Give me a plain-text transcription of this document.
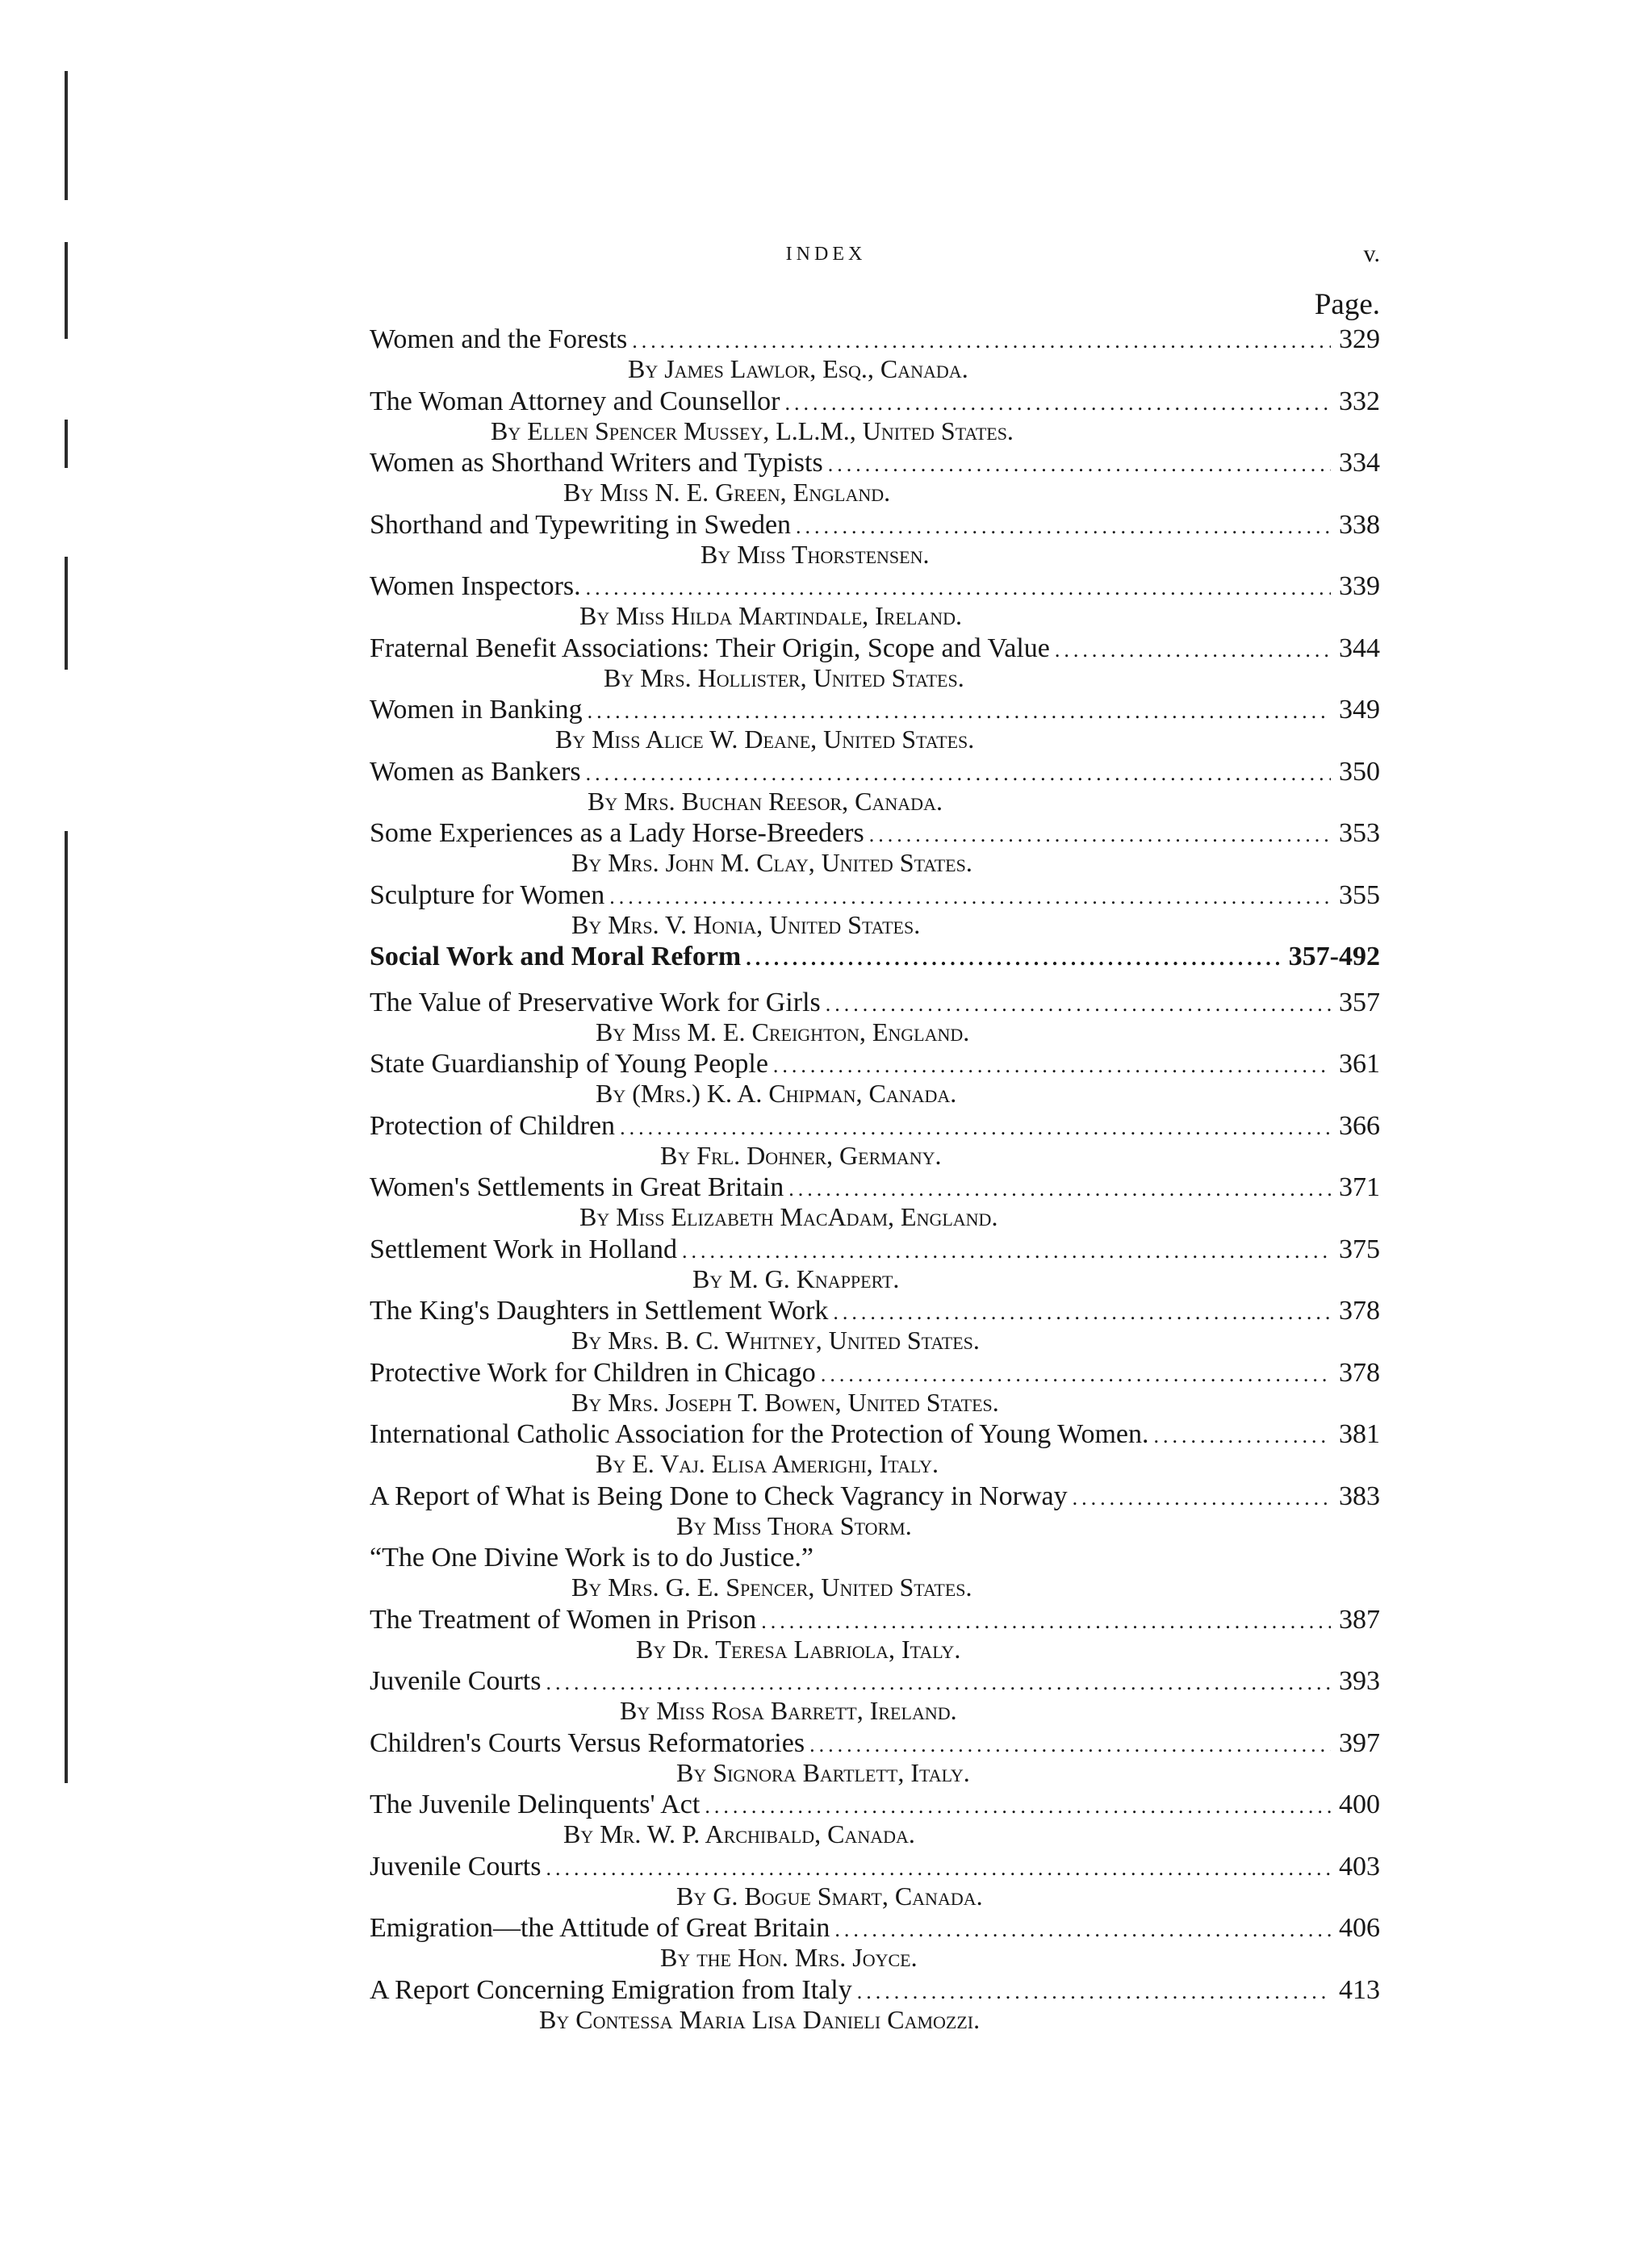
INDEX	v.
Page.
Women and the Forests .....	329
By James Lawlor, Esq., Canada.
The Woman Attorney and Counsellor .....	332
By Ellen Spencer Mussey, L.L.M., United States.
Women as Shorthand Writers and Typists .....	334
By Miss N. E. Green, England.
Shorthand and Typewriting in Sweden .....	338
By Miss Thorstensen.
Women Inspectors. .....	339
By Miss Hilda Martindale, Ireland.
Fraternal Benefit Associations: Their Origin, Scope and Value .....	344
By Mrs. Hollister, United States.
Women in Banking .....	349
By Miss Alice W. Deane, United States.
Women as Bankers .....	350
By Mrs. Buchan Reesor, Canada.
Some Experiences as a Lady Horse-Breeders .....	353
By Mrs. John M. Clay, United States.
Sculpture for Women .....	355
By Mrs. V. Honia, United States.
Social Work and Moral Reform .....	357-492
The Value of Preservative Work for Girls .....	357
By Miss M. E. Creighton, England.
State Guardianship of Young People .....	361
By (Mrs.) K. A. Chipman, Canada.
Protection of Children .....	366
By Frl. Dohner, Germany.
Women's Settlements in Great Britain .....	371
By Miss Elizabeth MacAdam, England.
Settlement Work in Holland .....	375
By M. G. Knappert.
The King's Daughters in Settlement Work .....	378
By Mrs. B. C. Whitney, United States.
Protective Work for Children in Chicago .....	378
By Mrs. Joseph T. Bowen, United States.
International Catholic Association for the Protection of Young Women. .....	381
By E. Vaj. Elisa Amerighi, Italy.
A Report of What is Being Done to Check Vagrancy in Norway .....	383
By Miss Thora Storm.
“The One Divine Work is to do Justice.”
By Mrs. G. E. Spencer, United States.
The Treatment of Women in Prison .....	387
By Dr. Teresa Labriola, Italy.
Juvenile Courts .....	393
By Miss Rosa Barrett, Ireland.
Children's Courts Versus Reformatories .....	397
By Signora Bartlett, Italy.
The Juvenile Delinquents' Act .....	400
By Mr. W. P. Archibald, Canada.
Juvenile Courts .....	403
By G. Bogue Smart, Canada.
Emigration—the Attitude of Great Britain .....	406
By the Hon. Mrs. Joyce.
A Report Concerning Emigration from Italy .....	413
By Contessa Maria Lisa Danieli Camozzi.
